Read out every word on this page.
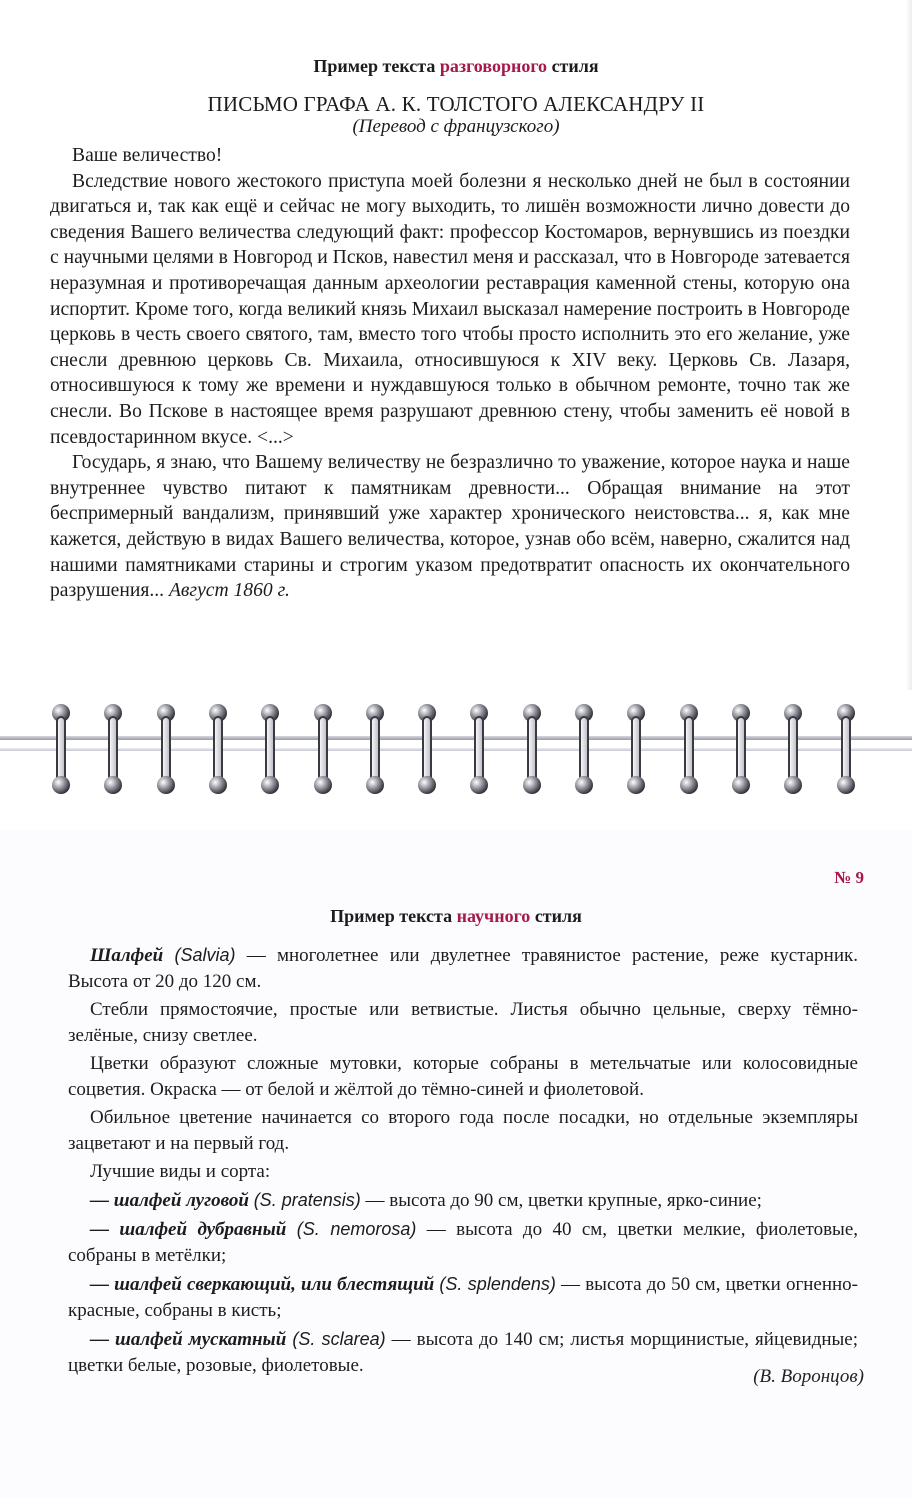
Пример текста разговорного стиля
ПИСЬМО ГРАФА А. К. ТОЛСТОГО АЛЕКСАНДРУ II
(Перевод с французского)

Ваше величество!

Вследствие нового жестокого приступа моей болезни я несколько дней не был в состоянии двигаться и, так как ещё и сейчас не могу выходить, то лишён возможности лично довести до сведения Вашего величества следующий факт: профессор Костомаров, вернувшись из поездки с научными целями в Новгород и Псков, навестил меня и рассказал, что в Новгороде затевается неразумная и противоречащая данным археологии реставрация каменной стены, которую она испортит. Кроме того, когда великий князь Михаил высказал намерение построить в Новгороде церковь в честь своего святого, там, вместо того чтобы просто исполнить это его желание, уже снесли древнюю церковь Св. Михаила, относившуюся к XIV веку. Церковь Св. Лазаря, относившуюся к тому же времени и нуждавшуюся только в обычном ремонте, точно так же снесли. Во Пскове в настоящее время разрушают древнюю стену, чтобы заменить её новой в псевдостаринном вкусе. <...>

Государь, я знаю, что Вашему величеству не безразлично то уважение, которое наука и наше внутреннее чувство питают к памятникам древности... Обращая внимание на этот беспримерный вандализм, принявший уже характер хронического неистовства... я, как мне кажется, действую в видах Вашего величества, которое, узнав обо всём, наверно, сжалится над нашими памятниками старины и строгим указом предотвратит опасность их окончательного разрушения... Август 1860 г.

№ 9
Пример текста научного стиля

Шалфей (Salvia) — многолетнее или двулетнее травянистое растение, реже кустарник. Высота от 20 до 120 см.

Стебли прямостоячие, простые или ветвистые. Листья обычно цельные, сверху тёмно-зелёные, снизу светлее.

Цветки образуют сложные мутовки, которые собраны в метельчатые или колосовидные соцветия. Окраска — от белой и жёлтой до тёмно-синей и фиолетовой.

Обильное цветение начинается со второго года после посадки, но отдельные экземпляры зацветают и на первый год.

Лучшие виды и сорта:

— шалфей луговой (S. pratensis) — высота до 90 см, цветки крупные, ярко-синие;

— шалфей дубравный (S. nemorosa) — высота до 40 см, цветки мелкие, фиолетовые, собраны в метёлки;

— шалфей сверкающий, или блестящий (S. splendens) — высота до 50 см, цветки огненно-красные, собраны в кисть;

— шалфей мускатный (S. sclarea) — высота до 140 см; листья морщинистые, яйцевидные; цветки белые, розовые, фиолетовые.

(В. Воронцов)
